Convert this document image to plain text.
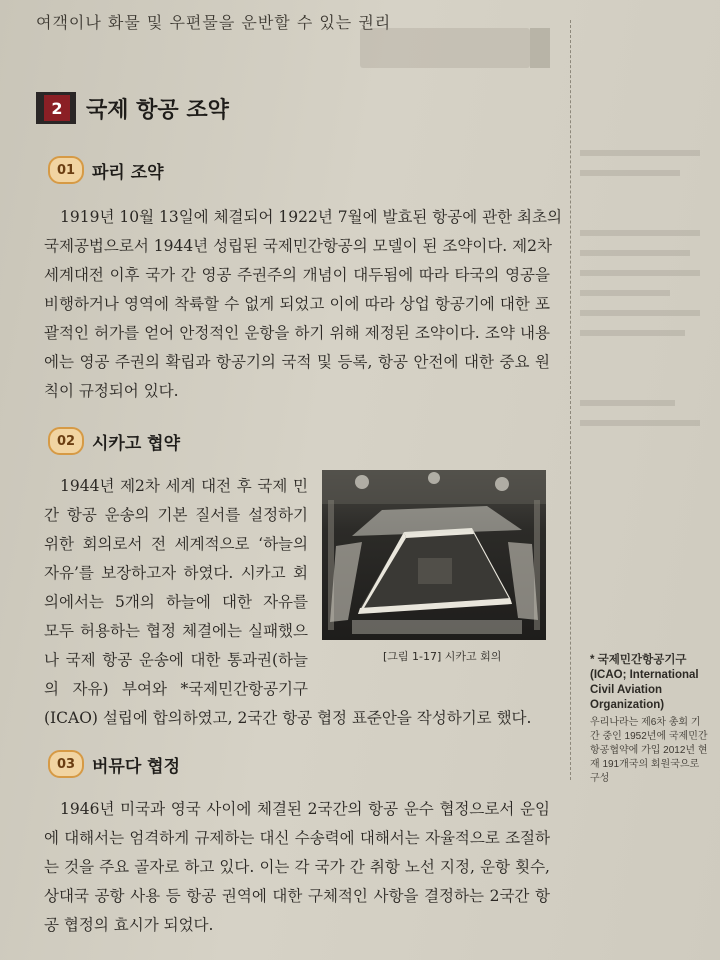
여객이나 화물 및 우편물을 운반할 수 있는 권리
2	국제 항공 조약
01 파리 조약
1919년 10월 13일에 체결되어 1922년 7월에 발효된 항공에 관한 최초의
국제공법으로서 1944년 성립된 국제민간항공의 모델이 된 조약이다. 제2차
세계대전 이후 국가 간 영공 주권주의 개념이 대두됨에 따라 타국의 영공을
비행하거나 영역에 착륙할 수 없게 되었고 이에 따라 상업 항공기에 대한 포
괄적인 허가를 얻어 안정적인 운항을 하기 위해 제정된 조약이다. 조약 내용
에는 영공 주권의 확립과 항공기의 국적 및 등록, 항공 안전에 대한 중요 원
칙이 규정되어 있다.
02 시카고 협약
1944년 제2차 세계 대전 후 국제 민
간 항공 운송의 기본 질서를 설정하기
위한 회의로서 전 세계적으로 ‘하늘의
자유’를 보장하고자 하였다. 시카고 회
의에서는 5개의 하늘에 대한 자유를
모두 허용하는 협정 체결에는 실패했으
나 국제 항공 운송에 대한 통과권(하늘
의 자유) 부여와 *국제민간항공기구
(ICAO) 설립에 합의하였고, 2국간 항공 협정 표준안을 작성하기로 했다.
[그림 1-17] 시카고 회의	* 국제민간항공기구(ICAO; International Civil Aviation Organization)
우리나라는 제6차 총회 기간 중인 1952년에 국제민간항공협약에 가입 2012년 현재 191개국의 회원국으로 구성
03 버뮤다 협정
1946년 미국과 영국 사이에 체결된 2국간의 항공 운수 협정으로서 운임
에 대해서는 엄격하게 규제하는 대신 수송력에 대해서는 자율적으로 조절하
는 것을 주요 골자로 하고 있다. 이는 각 국가 간 취항 노선 지정, 운항 횟수,
상대국 공항 사용 등 항공 권역에 대한 구체적인 사항을 결정하는 2국간 항
공 협정의 효시가 되었다.
